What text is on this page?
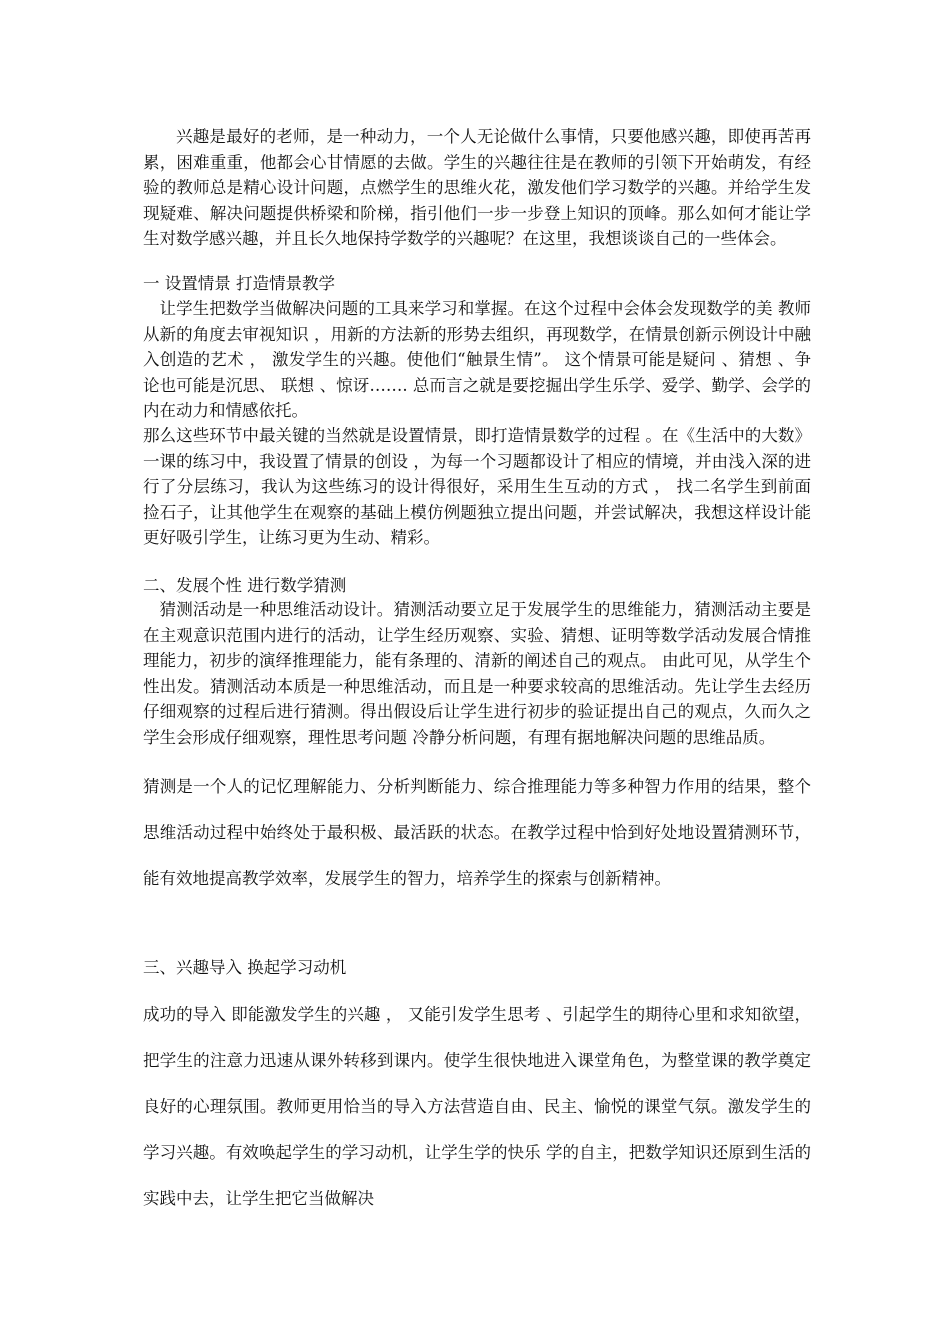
兴趣是最好的老师，是一种动力，一个人无论做什么事情，只要他感兴趣，即使再苦再累，困难重重，他都会心甘情愿的去做。学生的兴趣往往是在教师的引领下开始萌发，有经验的教师总是精心设计问题，点燃学生的思维火花，激发他们学习数学的兴趣。并给学生发现疑难、解决问题提供桥梁和阶梯，指引他们一步一步登上知识的顶峰。那么如何才能让学生对数学感兴趣，并且长久地保持学数学的兴趣呢？在这里，我想谈谈自己的一些体会。

一 设置情景 打造情景教学

让学生把数学当做解决问题的工具来学习和掌握。在这个过程中会体会发现数学的美 教师从新的角度去审视知识 ，用新的方法新的形势去组织，再现数学，在情景创新示例设计中融入创造的艺术 ， 激发学生的兴趣。使他们“触景生情”。 这个情景可能是疑问 、猜想 、争论也可能是沉思、 联想 、惊讶……. 总而言之就是要挖掘出学生乐学、爱学、勤学、会学的内在动力和情感依托。

那么这些环节中最关键的当然就是设置情景，即打造情景数学的过程 。在《生活中的大数》一课的练习中，我设置了情景的创设 ，为每一个习题都设计了相应的情境，并由浅入深的进行了分层练习，我认为这些练习的设计得很好，采用生生互动的方式 ， 找二名学生到前面捡石子，让其他学生在观察的基础上模仿例题独立提出问题，并尝试解决，我想这样设计能更好吸引学生，让练习更为生动、精彩。

二、发展个性 进行数学猜测

猜测活动是一种思维活动设计。猜测活动要立足于发展学生的思维能力，猜测活动主要是在主观意识范围内进行的活动，让学生经历观察、实验、猜想、证明等数学活动发展合情推理能力，初步的演绎推理能力，能有条理的、清新的阐述自己的观点。 由此可见，从学生个性出发。猜测活动本质是一种思维活动，而且是一种要求较高的思维活动。先让学生去经历仔细观察的过程后进行猜测。得出假设后让学生进行初步的验证提出自己的观点，久而久之学生会形成仔细观察，理性思考问题 冷静分析问题，有理有据地解决问题的思维品质。

猜测是一个人的记忆理解能力、分析判断能力、综合推理能力等多种智力作用的结果，整个思维活动过程中始终处于最积极、最活跃的状态。在教学过程中恰到好处地设置猜测环节，能有效地提高教学效率，发展学生的智力，培养学生的探索与创新精神。

三、兴趣导入 换起学习动机

成功的导入 即能激发学生的兴趣 ， 又能引发学生思考 、引起学生的期待心里和求知欲望，把学生的注意力迅速从课外转移到课内。使学生很快地进入课堂角色，为整堂课的教学奠定良好的心理氛围。教师更用恰当的导入方法营造自由、民主、愉悦的课堂气氛。激发学生的学习兴趣。有效唤起学生的学习动机，让学生学的快乐 学的自主，把数学知识还原到生活的实践中去，让学生把它当做解决
